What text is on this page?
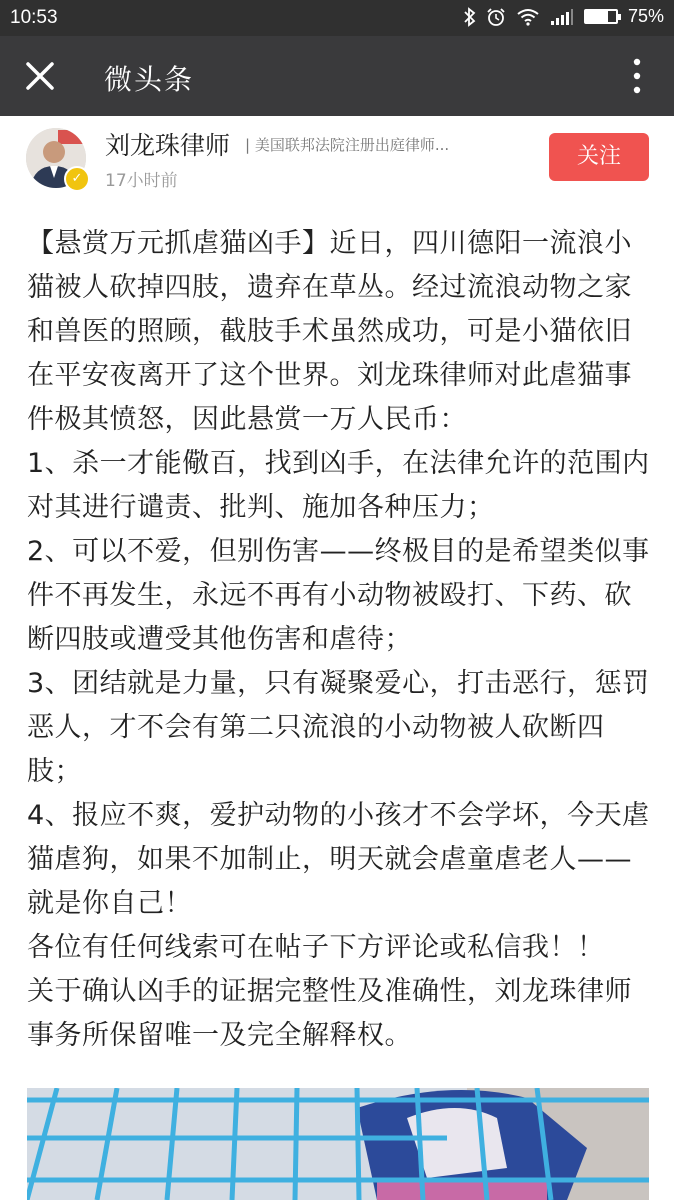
10:53	75%
微头条
✓
刘龙珠律师 | 美国联邦法院注册出庭律师...
17小时前
关注

【悬赏万元抓虐猫凶手】近日，四川德阳一流浪小猫被人砍掉四肢，遗弃在草丛。经过流浪动物之家和兽医的照顾，截肢手术虽然成功，可是小猫依旧在平安夜离开了这个世界。刘龙珠律师对此虐猫事件极其愤怒，因此悬赏一万人民币：

1、杀一才能儆百，找到凶手，在法律允许的范围内对其进行谴责、批判、施加各种压力；

2、可以不爱，但别伤害——终极目的是希望类似事件不再发生，永远不再有小动物被殴打、下药、砍断四肢或遭受其他伤害和虐待；

3、团结就是力量，只有凝聚爱心，打击恶行，惩罚恶人，才不会有第二只流浪的小动物被人砍断四肢；

4、报应不爽，爱护动物的小孩才不会学坏，今天虐猫虐狗，如果不加制止，明天就会虐童虐老人——就是你自己！

各位有任何线索可在帖子下方评论或私信我！！

关于确认凶手的证据完整性及准确性，刘龙珠律师事务所保留唯一及完全解释权。
